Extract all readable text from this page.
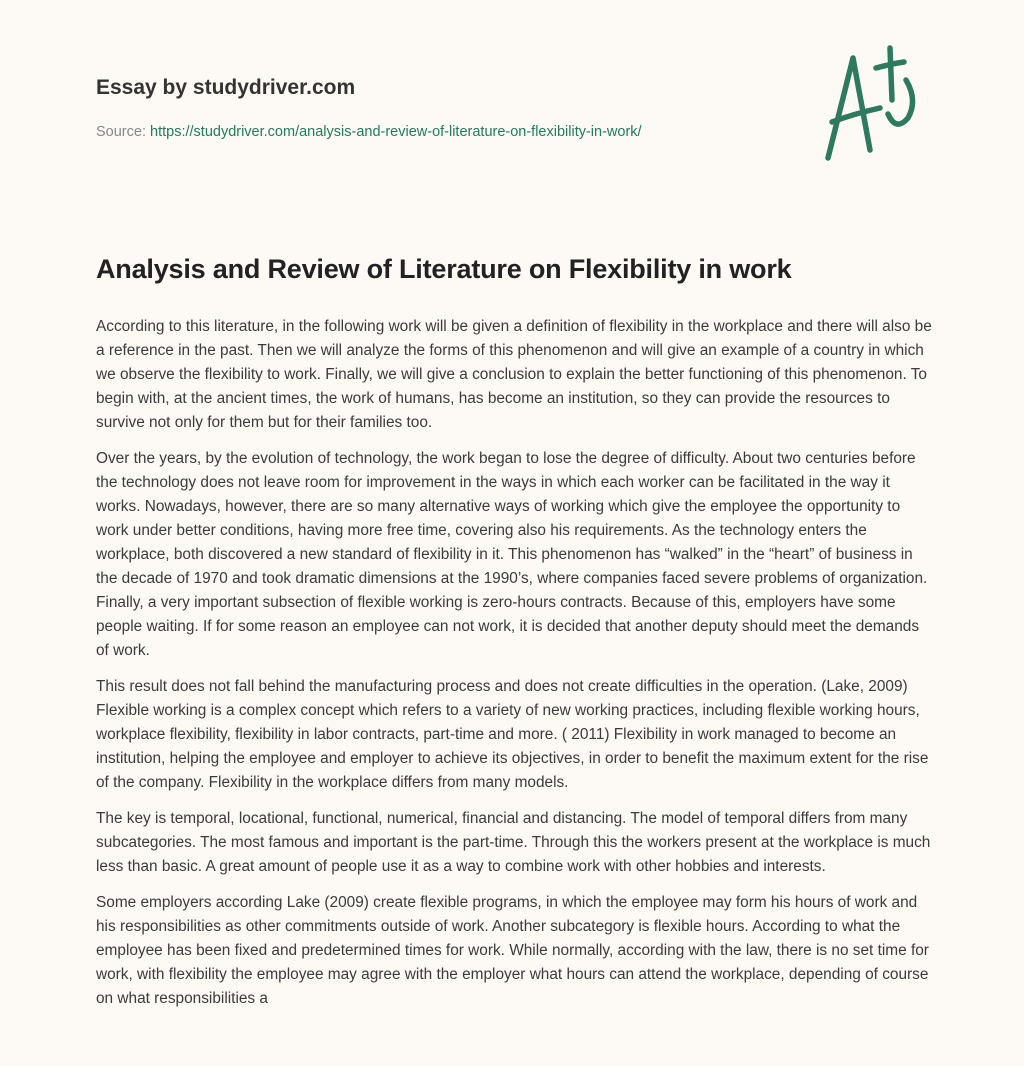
Essay by studydriver.com

Source: https://studydriver.com/analysis-and-review-of-literature-on-flexibility-in-work/
Analysis and Review of Literature on Flexibility in work

According to this literature, in the following work will be given a definition of flexibility in the workplace and there will also be a reference in the past. Then we will analyze the forms of this phenomenon and will give an example of a country in which we observe the flexibility to work. Finally, we will give a conclusion to explain the better functioning of this phenomenon. To begin with, at the ancient times, the work of humans, has become an institution, so they can provide the resources to survive not only for them but for their families too.

Over the years, by the evolution of technology, the work began to lose the degree of difficulty. About two centuries before the technology does not leave room for improvement in the ways in which each worker can be facilitated in the way it works. Nowadays, however, there are so many alternative ways of working which give the employee the opportunity to work under better conditions, having more free time, covering also his requirements. As the technology enters the workplace, both discovered a new standard of flexibility in it. This phenomenon has “walked” in the “heart” of business in the decade of 1970 and took dramatic dimensions at the 1990’s, where companies faced severe problems of organization. Finally, a very important subsection of flexible working is zero-hours contracts. Because of this, employers have some people waiting. If for some reason an employee can not work, it is decided that another deputy should meet the demands of work.

This result does not fall behind the manufacturing process and does not create difficulties in the operation. (Lake, 2009) Flexible working is a complex concept which refers to a variety of new working practices, including flexible working hours, workplace flexibility, flexibility in labor contracts, part-time and more. ( 2011) Flexibility in work managed to become an institution, helping the employee and employer to achieve its objectives, in order to benefit the maximum extent for the rise of the company. Flexibility in the workplace differs from many models.

The key is temporal, locational, functional, numerical, financial and distancing. The model of temporal differs from many subcategories. The most famous and important is the part-time. Through this the workers present at the workplace is much less than basic. A great amount of people use it as a way to combine work with other hobbies and interests.

Some employers according Lake (2009) create flexible programs, in which the employee may form his hours of work and his responsibilities as other commitments outside of work. Another subcategory is flexible hours. According to what the employee has been fixed and predetermined times for work. While normally, according with the law, there is no set time for work, with flexibility the employee may agree with the employer what hours can attend the workplace, depending of course on what responsibilities a
